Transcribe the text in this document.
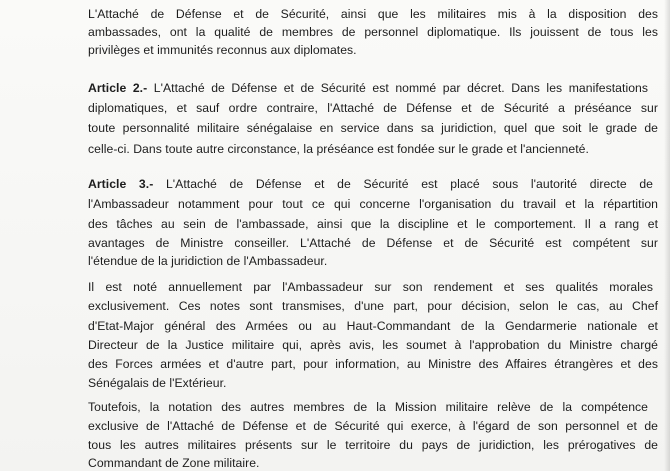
L'Attaché de Défense et de Sécurité, ainsi que les militaires mis à la disposition des
ambassades, ont la qualité de membres de personnel diplomatique. Ils jouissent de tous les
privilèges et immunités reconnus aux diplomates.
Article 2.- L'Attaché de Défense et de Sécurité est nommé par décret. Dans les manifestations
diplomatiques, et sauf ordre contraire, l'Attaché de Défense et de Sécurité a préséance sur
toute personnalité militaire sénégalaise en service dans sa juridiction, quel que soit le grade de
celle-ci. Dans toute autre circonstance, la préséance est fondée sur le grade et l'ancienneté.
Article 3.- L'Attaché de Défense et de Sécurité est placé sous l'autorité directe de
l'Ambassadeur notamment pour tout ce qui concerne l'organisation du travail et la répartition
des tâches au sein de l'ambassade, ainsi que la discipline et le comportement. Il a rang et
avantages de Ministre conseiller. L'Attaché de Défense et de Sécurité est compétent sur
l'étendue de la juridiction de l'Ambassadeur.
Il est noté annuellement par l'Ambassadeur sur son rendement et ses qualités morales
exclusivement. Ces notes sont transmises, d'une part, pour décision, selon le cas, au Chef
d'Etat-Major général des Armées ou au Haut-Commandant de la Gendarmerie nationale et
Directeur de la Justice militaire qui, après avis, les soumet à l'approbation du Ministre chargé
des Forces armées et d'autre part, pour information, au Ministre des Affaires étrangères et des
Sénégalais de l'Extérieur.
Toutefois, la notation des autres membres de la Mission militaire relève de la compétence
exclusive de l'Attaché de Défense et de Sécurité qui exerce, à l'égard de son personnel et de
tous les autres militaires présents sur le territoire du pays de juridiction, les prérogatives de
Commandant de Zone militaire.
